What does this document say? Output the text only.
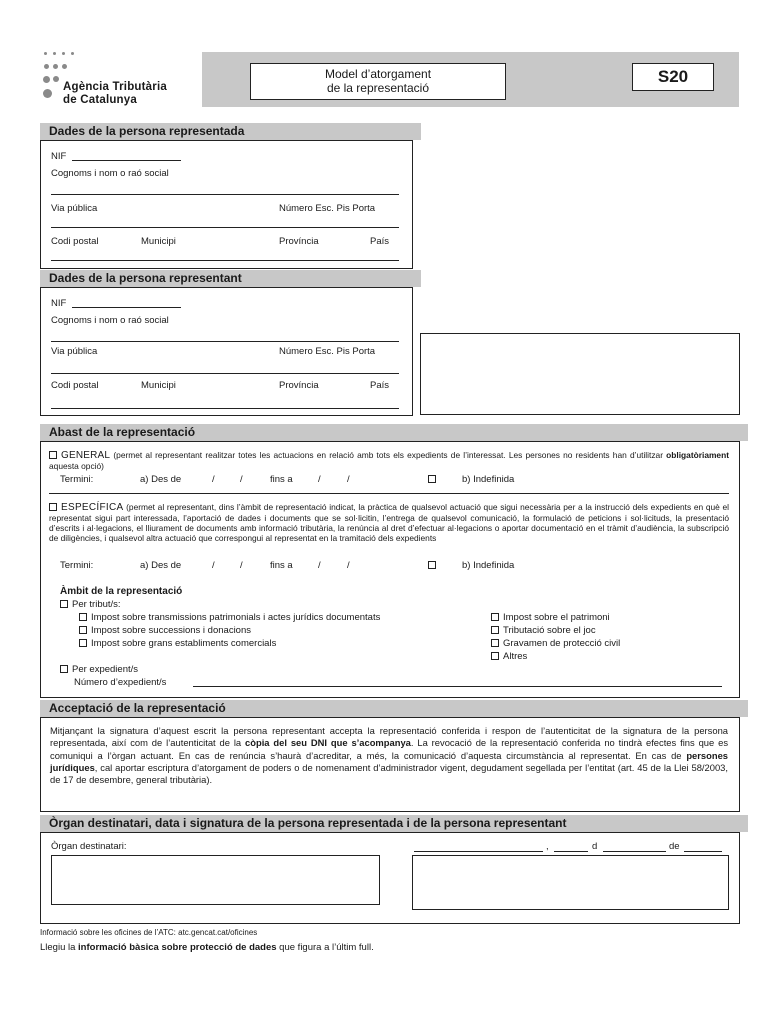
Agència Tributària
de Catalunya
Model d’atorgament
de la representació
S20
Dades de la persona representada
NIF
Cognoms i nom o raó social
Via pública	Número Esc. Pis Porta
Codi postal	Municipi	Província	País
Dades de la persona representant
NIF
Cognoms i nom o raó social
Via pública	Número Esc. Pis Porta
Codi postal	Municipi	Província	País
Abast de la representació
GENERAL (permet al representant realitzar totes les actuacions en relació amb tots els expedients de l’interessat. Les persones no residents han d’utilitzar obligatòriament aquesta opció)
Termini:	a) Des de	/	/	fins a	/	/	b) Indefinida
ESPECÍFICA (permet al representant, dins l’àmbit de representació indicat, la pràctica de qualsevol actuació que sigui necessària per a la instrucció dels expedients en què el representat sigui part interessada, l’aportació de dades i documents que se sol·licitin, l’entrega de qualsevol comunicació, la formulació de peticions i sol·licituds, la presentació d’escrits i al·legacions, el lliurament de documents amb informació tributària, la renúncia al dret d’efectuar al·legacions o aportar documentació en el tràmit d’audiència, la subscripció de diligències, i qualsevol altra actuació que correspongui al representat en la tramitació dels expedients
Termini:	a) Des de	/	/	fins a	/	/	b) Indefinida
Àmbit de la representació
Per tribut/s:
Impost sobre transmissions patrimonials i actes jurídics documentats
Impost sobre successions i donacions
Impost sobre grans establiments comercials
Impost sobre el patrimoni
Tributació sobre el joc
Gravamen de protecció civil
Altres
Per expedient/s
Número d’expedient/s
Acceptació de la representació
Mitjançant la signatura d’aquest escrit la persona representant accepta la representació conferida i respon de l’autenticitat de la signatura de la persona representada, així com de l’autenticitat de la còpia del seu DNI que s’acompanya. La revocació de la representació conferida no tindrà efectes fins que es comuniqui a l’òrgan actuant. En cas de renúncia s’haurà d’acreditar, a més, la comunicació d’aquesta circumstància al representat. En cas de persones jurídiques, cal aportar escriptura d’atorgament de poders o de nomenament d’administrador vigent, degudament segellada per l’entitat (art. 45 de la Llei 58/2003, de 17 de desembre, general tributària).
Òrgan destinatari, data i signatura de la persona representada i de la persona representant
Òrgan destinatari:	,	d	de
Informació sobre les oficines de l’ATC: atc.gencat.cat/oficines
Llegiu la informació bàsica sobre protecció de dades que figura a l’últim full.
